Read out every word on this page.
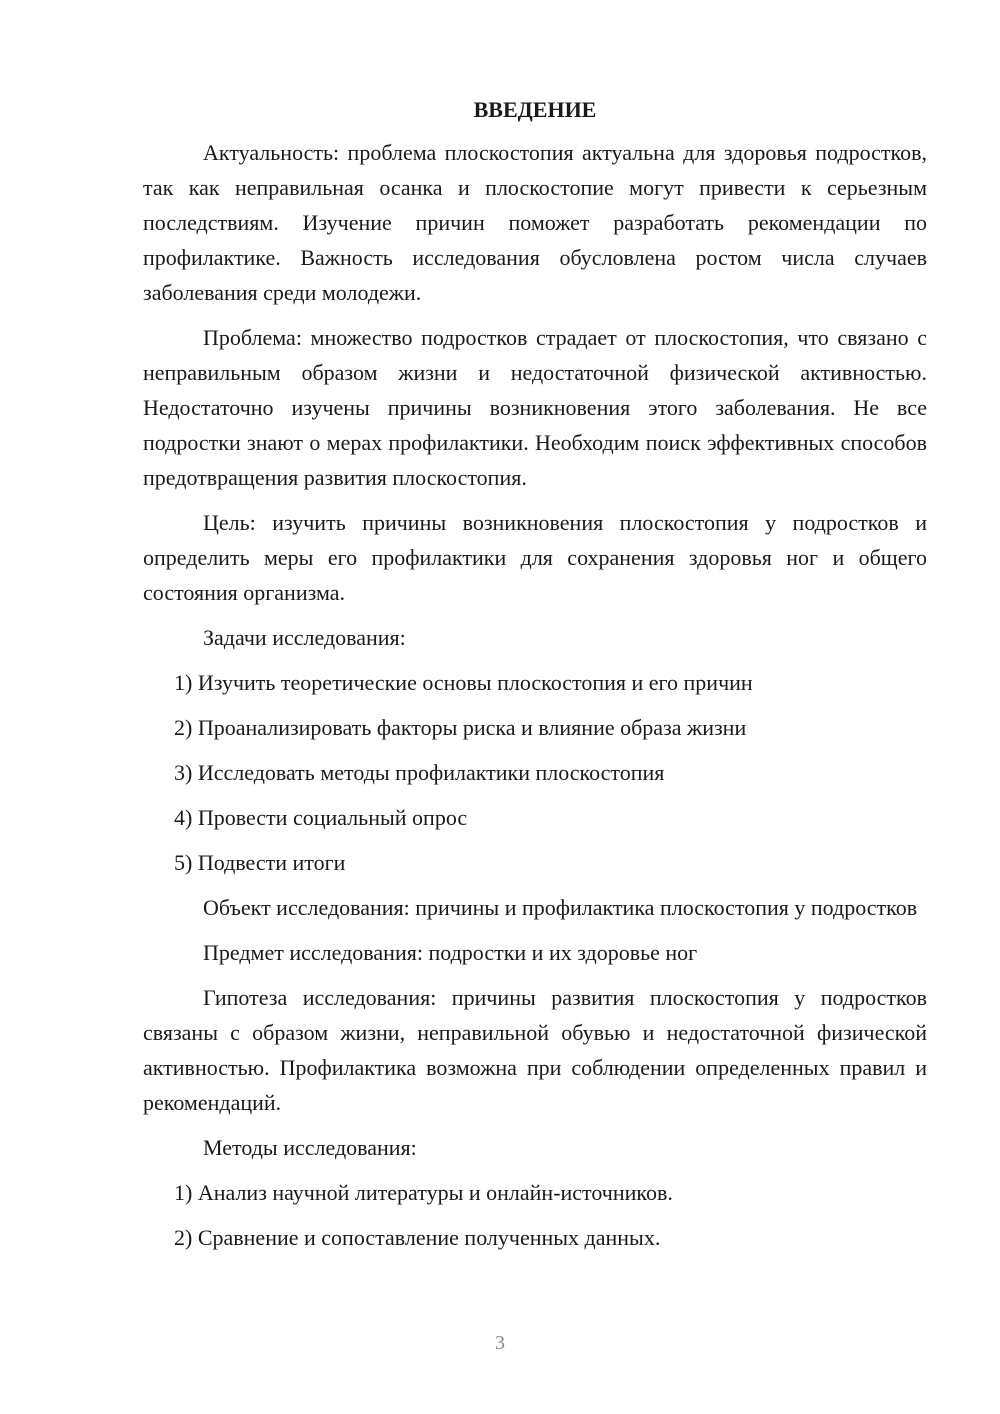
ВВЕДЕНИЕ

Актуальность: проблема плоскостопия актуальна для здоровья подростков, так как неправильная осанка и плоскостопие могут привести к серьезным последствиям. Изучение причин поможет разработать рекомендации по профилактике. Важность исследования обусловлена ростом числа случаев заболевания среди молодежи.

Проблема: множество подростков страдает от плоскостопия, что связано с неправильным образом жизни и недостаточной физической активностью. Недостаточно изучены причины возникновения этого заболевания. Не все подростки знают о мерах профилактики. Необходим поиск эффективных способов предотвращения развития плоскостопия.

Цель: изучить причины возникновения плоскостопия у подростков и определить меры его профилактики для сохранения здоровья ног и общего состояния организма.

Задачи исследования:
1) Изучить теоретические основы плоскостопия и его причин
2) Проанализировать факторы риска и влияние образа жизни
3) Исследовать методы профилактики плоскостопия
4) Провести социальный опрос
5) Подвести итоги

Объект исследования: причины и профилактика плоскостопия у подростков

Предмет исследования: подростки и их здоровье ног

Гипотеза исследования: причины развития плоскостопия у подростков связаны с образом жизни, неправильной обувью и недостаточной физической активностью. Профилактика возможна при соблюдении определенных правил и рекомендаций.

Методы исследования:
1) Анализ научной литературы и онлайн-источников.
2) Сравнение и сопоставление полученных данных.
3
